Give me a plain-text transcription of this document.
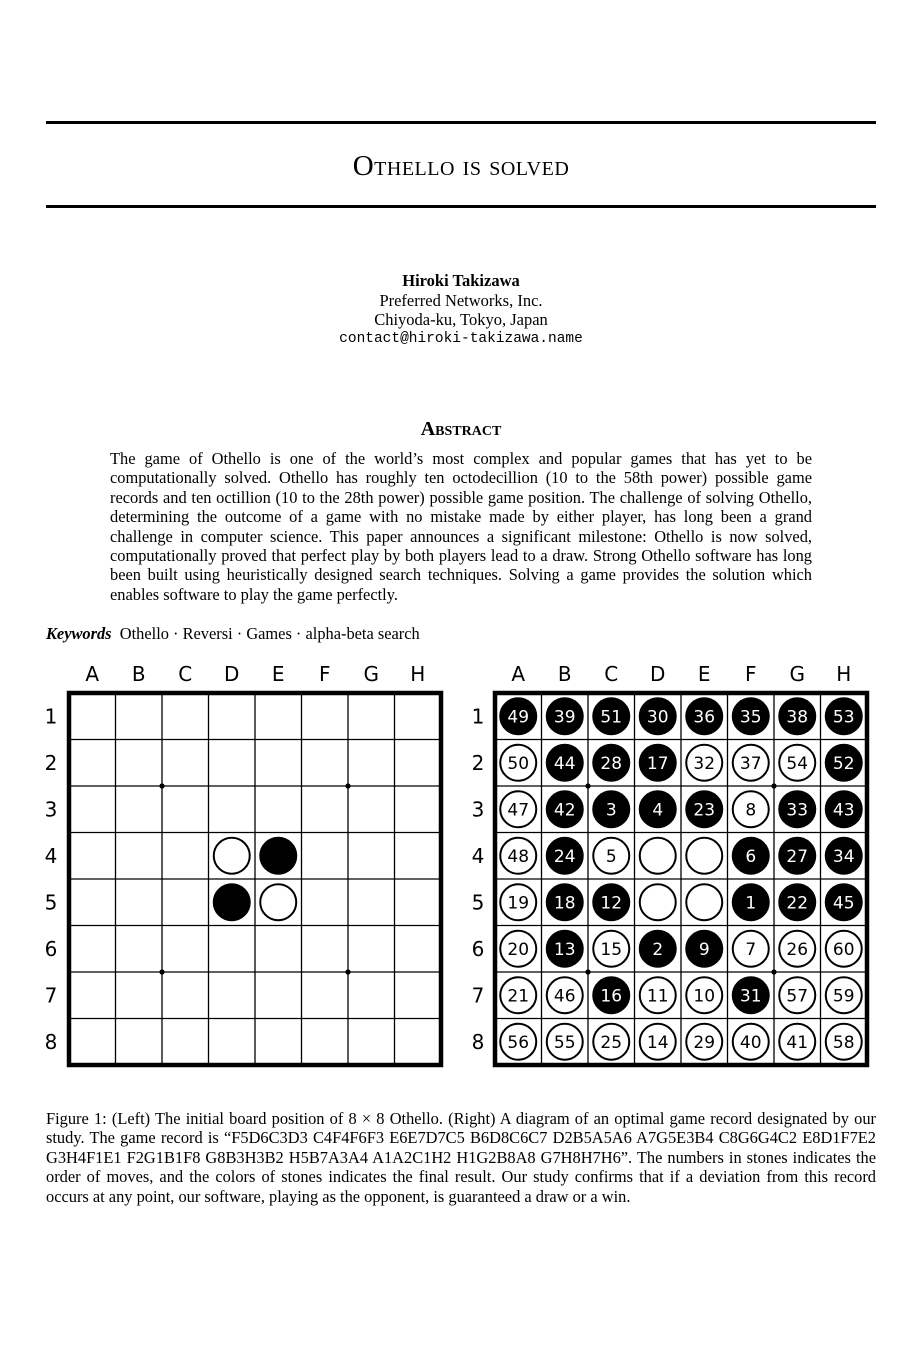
Othello is solved
Hiroki Takizawa
Preferred Networks, Inc.
Chiyoda-ku, Tokyo, Japan
contact@hiroki-takizawa.name
Abstract

The game of Othello is one of the world’s most complex and popular games that has yet to be computationally solved. Othello has roughly ten octodecillion (10 to the 58th power) possible game records and ten octillion (10 to the 28th power) possible game position. The challenge of solving Othello, determining the outcome of a game with no mistake made by either player, has long been a grand challenge in computer science. This paper announces a significant milestone: Othello is now solved, computationally proved that perfect play by both players lead to a draw. Strong Othello software has long been built using heuristically designed search techniques. Solving a game provides the solution which enables software to play the game perfectly.

Keywords Othello · Reversi · Games · alpha-beta search
A B C D E F G H
1
2
3
4
5
6
7
8
A B C D E F G H
1
2
3
4
5
6
7
8
49 39 51 30 36 35 38 53
50 44 28 17 32 37 54 52
47 42 3 4 23 8 33 43
48 24 5	6 27 34
19 18 12	1 22 45
20 13 15 2 9 7 26 60
21 46 16 11 10 31 57 59
56 55 25 14 29 40 41 58

Figure 1: (Left) The initial board position of 8 × 8 Othello. (Right) A diagram of an optimal game record designated by our study. The game record is “F5D6C3D3 C4F4F6F3 E6E7D7C5 B6D8C6C7 D2B5A5A6 A7G5E3B4 C8G6G4C2 E8D1F7E2 G3H4F1E1 F2G1B1F8 G8B3H3B2 H5B7A3A4 A1A2C1H2 H1G2B8A8 G7H8H7H6”. The numbers in stones indicates the order of moves, and the colors of stones indicates the final result. Our study confirms that if a deviation from this record occurs at any point, our software, playing as the opponent, is guaranteed a draw or a win.
